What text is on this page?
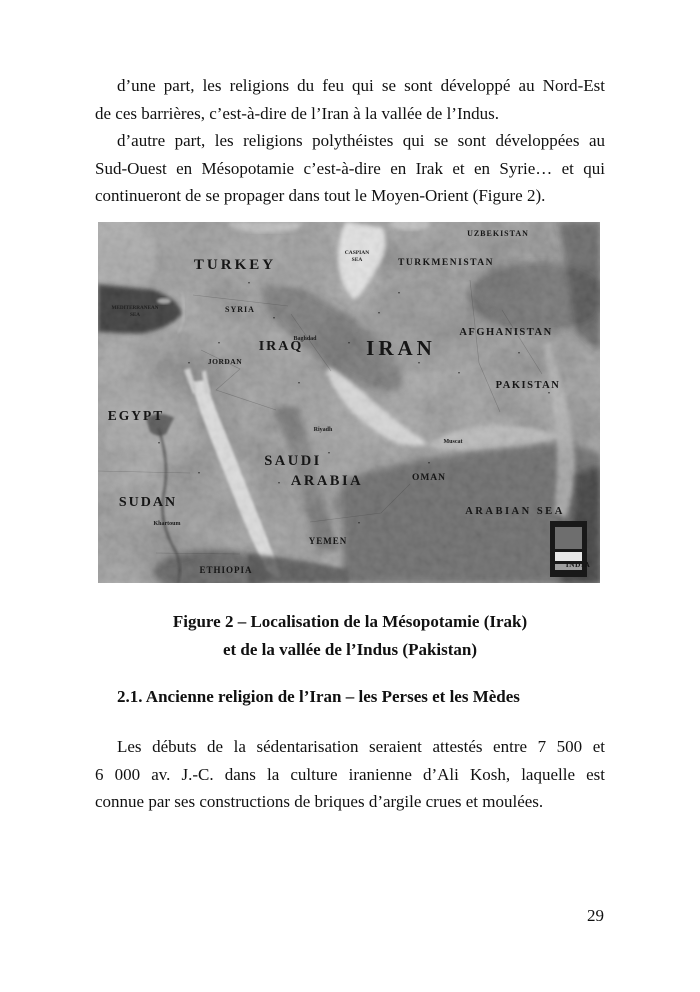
d’une part, les religions du feu qui se sont développé au Nord-Est
de ces barrières, c’est-à-dire de l’Iran à la vallée de l’Indus.

d’autre part, les religions polythéistes qui se sont développées au
Sud-Ouest en Mésopotamie c’est-à-dire en Irak et en Syrie… et qui
continueront de se propager dans tout le Moyen-Orient (Figure 2).

TURKEY
SYRIA
IRAQ
JORDAN
IRAN
TURKMENISTAN
UZBEKISTAN
AFGHANISTAN
PAKISTAN
EGYPT
SUDAN
SAUDI
ARABIA
YEMEN
ETHIOPIA
OMAN
INDIA
ARABIAN SEA
CASPIAN
SEA
MEDITERRANEAN
SEA
Baghdad
Riyadh
Khartoum
Muscat
Figure 2 – Localisation de la Mésopotamie (Irak)
et de la vallée de l’Indus (Pakistan)
2.1. Ancienne religion de l’Iran – les Perses et les Mèdes

Les débuts de la sédentarisation seraient attestés entre 7 500 et
6 000 av. J.-C. dans la culture iranienne d’Ali Kosh, laquelle est
connue par ses constructions de briques d’argile crues et moulées.

29
